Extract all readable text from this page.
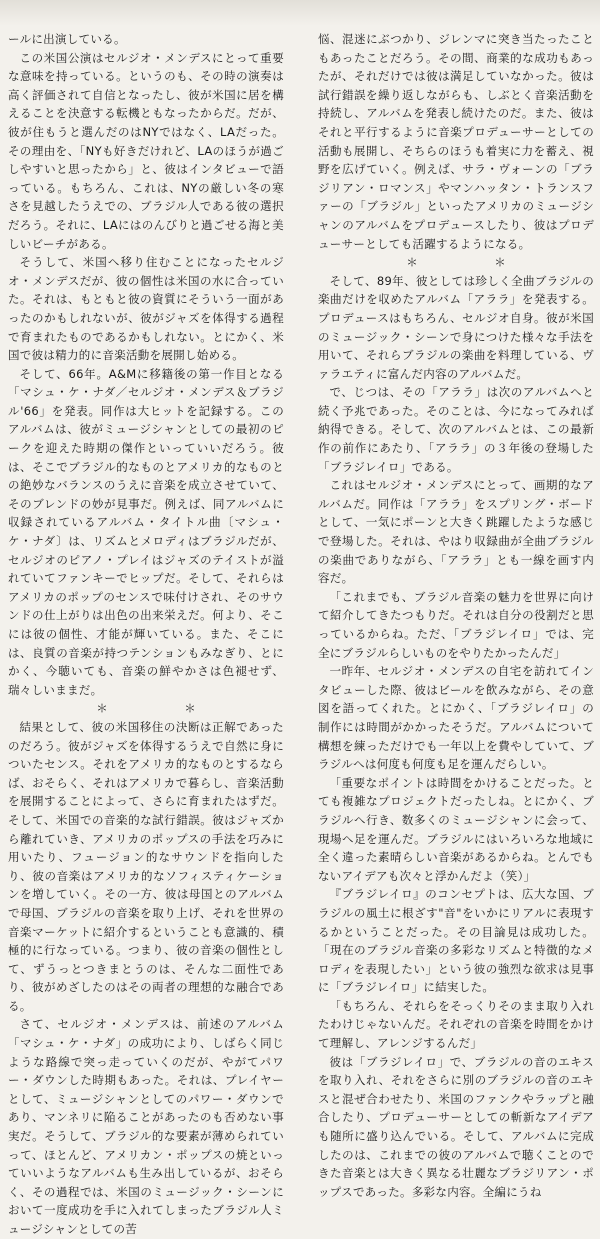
ールに出演している。

この米国公演はセルジオ・メンデスにとって重要な意味を持っている。というのも、その時の演奏は高く評価されて自信となったし、彼が米国に居を構えることを決意する転機ともなったからだ。だが、彼が住もうと選んだのはNYではなく、LAだった。その理由を、「NYも好きだけれど、LAのほうが過ごしやすいと思ったから」と、彼はインタビューで語っている。もちろん、これは、NYの厳しい冬の寒さを見越したうえでの、ブラジル人である彼の選択だろう。それに、LAにはのんびりと過ごせる海と美しいビーチがある。

そうして、米国へ移り住むことになったセルジオ・メンデスだが、彼の個性は米国の水に合っていた。それは、もともと彼の資質にそういう一面があったのかもしれないが、彼がジャズを体得する過程で育まれたものであるかもしれない。とにかく、米国で彼は精力的に音楽活動を展開し始める。

そして、66年。A&Mに移籍後の第一作目となる「マシュ・ケ・ナダ／セルジオ・メンデス＆ブラジル'66」を発表。同作は大ヒットを記録する。このアルバムは、彼がミュージシャンとしての最初のピークを迎えた時期の傑作といっていいだろう。彼は、そこでブラジル的なものとアメリカ的なものとの絶妙なバランスのうえに音楽を成立させていて、そのブレンドの妙が見事だ。例えば、同アルバムに収録されているアルバム・タイトル曲〔マシュ・ケ・ナダ〕は、リズムとメロディはブラジルだが、セルジオのピアノ・プレイはジャズのテイストが溢れていてファンキーでヒップだ。そして、それらはアメリカのポップのセンスで味付けされ、そのサウンドの仕上がりは出色の出来栄えだ。何より、そこには彼の個性、才能が輝いている。また、そこには、良質の音楽が持つテンションもみなぎり、とにかく、今聴いても、音楽の鮮やかさは色褪せず、瑞々しいままだ。

＊	＊

結果として、彼の米国移住の決断は正解であったのだろう。彼がジャズを体得するうえで自然に身についたセンス。それをアメリカ的なものとするならば、おそらく、それはアメリカで暮らし、音楽活動を展開することによって、さらに育まれたはずだ。そして、米国での音楽的な試行錯誤。彼はジャズから離れていき、アメリカのポップスの手法を巧みに用いたり、フュージョン的なサウンドを指向したり、彼の音楽はアメリカ的なソフィスティケーションを増していく。その一方、彼は母国とのアルバムで母国、ブラジルの音楽を取り上げ、それを世界の音楽マーケットに紹介するということも意識的、積極的に行なっている。つまり、彼の音楽の個性として、ずうっとつきまとうのは、そんな二面性であり、彼がめざしたのはその両者の理想的な融合である。

さて、セルジオ・メンデスは、前述のアルバム「マシュ・ケ・ナダ」の成功により、しばらく同じような路線で突っ走っていくのだが、やがてパワー・ダウンした時期もあった。それは、プレイヤーとして、ミュージシャンとしてのパワー・ダウンであり、マンネリに陥ることがあったのも否めない事実だ。そうして、ブラジル的な要素が薄められていって、ほとんど、アメリカン・ポップスの焼といっていいようなアルバムも生み出しているが、おそらく、その過程では、米国のミュージック・シーンにおいて一度成功を手に入れてしまったブラジル人ミュージシャンとしての苦

悩、混迷にぶつかり、ジレンマに突き当たったこともあったことだろう。その間、商業的な成功もあったが、それだけでは彼は満足していなかった。彼は試行錯誤を繰り返しながらも、しぶとく音楽活動を持続し、アルバムを発表し続けたのだ。また、彼はそれと平行するように音楽プロデューサーとしての活動も展開し、そちらのほうも着実に力を蓄え、視野を広げていく。例えば、サラ・ヴォーンの「ブラジリアン・ロマンス」やマンハッタン・トランスファーの「ブラジル」といったアメリカのミュージシャンのアルバムをプロデュースしたり、彼はプロデューサーとしても活躍するようになる。

＊	＊

そして、89年、彼としては珍しく全曲ブラジルの楽曲だけを収めたアルバム「アララ」を発表する。プロデュースはもちろん、セルジオ自身。彼が米国のミュージック・シーンで身につけた様々な手法を用いて、それらブラジルの楽曲を料理している、ヴァラエティに富んだ内容のアルバムだ。

で、じつは、その「アララ」は次のアルバムへと続く予兆であった。そのことは、今になってみれば納得できる。そして、次のアルバムとは、この最新作の前作にあたり、「アララ」の３年後の登場した「ブラジレイロ」である。

これはセルジオ・メンデスにとって、画期的なアルバムだ。同作は「アララ」をスプリング・ボードとして、一気にポーンと大きく跳躍したような感じで登場した。それは、やはり収録曲が全曲ブラジルの楽曲でありながら、「アララ」とも一線を画す内容だ。

「これまでも、ブラジル音楽の魅力を世界に向けて紹介してきたつもりだ。それは自分の役割だと思っているからね。ただ、「ブラジレイロ」では、完全にブラジルらしいものをやりたかったんだ」

一昨年、セルジオ・メンデスの自宅を訪れてインタビューした際、彼はビールを飲みながら、その意図を語ってくれた。とにかく、「ブラジレイロ」の制作には時間がかかったそうだ。アルバムについて構想を練っただけでも一年以上を費やしていて、ブラジルへは何度も何度も足を運んだらしい。

「重要なポイントは時間をかけることだった。とても複雑なプロジェクトだったしね。とにかく、ブラジルへ行き、数多くのミュージシャンに会って、現場へ足を運んだ。ブラジルにはいろいろな地域に全く違った素晴らしい音楽があるからね。とんでもないアイデアも次々と浮かんだよ（笑）」

『ブラジレイロ』のコンセプトは、広大な国、ブラジルの風土に根ざす"音"をいかにリアルに表現するかということだった。その目論見は成功した。「現在のブラジル音楽の多彩なリズムと特徴的なメロディを表現したい」という彼の強烈な欲求は見事に「ブラジレイロ」に結実した。

「もちろん、それらをそっくりそのまま取り入れたわけじゃないんだ。それぞれの音楽を時間をかけて理解し、アレンジするんだ」

彼は「ブラジレイロ」で、ブラジルの音のエキスを取り入れ、それをさらに別のブラジルの音のエキスと混ぜ合わせたり、米国のファンクやラップと融合したり、プロデューサーとしての斬新なアイデアも随所に盛り込んでいる。そして、アルバムに完成したのは、これまでの彼のアルバムで聴くことのできた音楽とは大きく異なる壮麗なブラジリアン・ポップスであった。多彩な内容。全編にうね
